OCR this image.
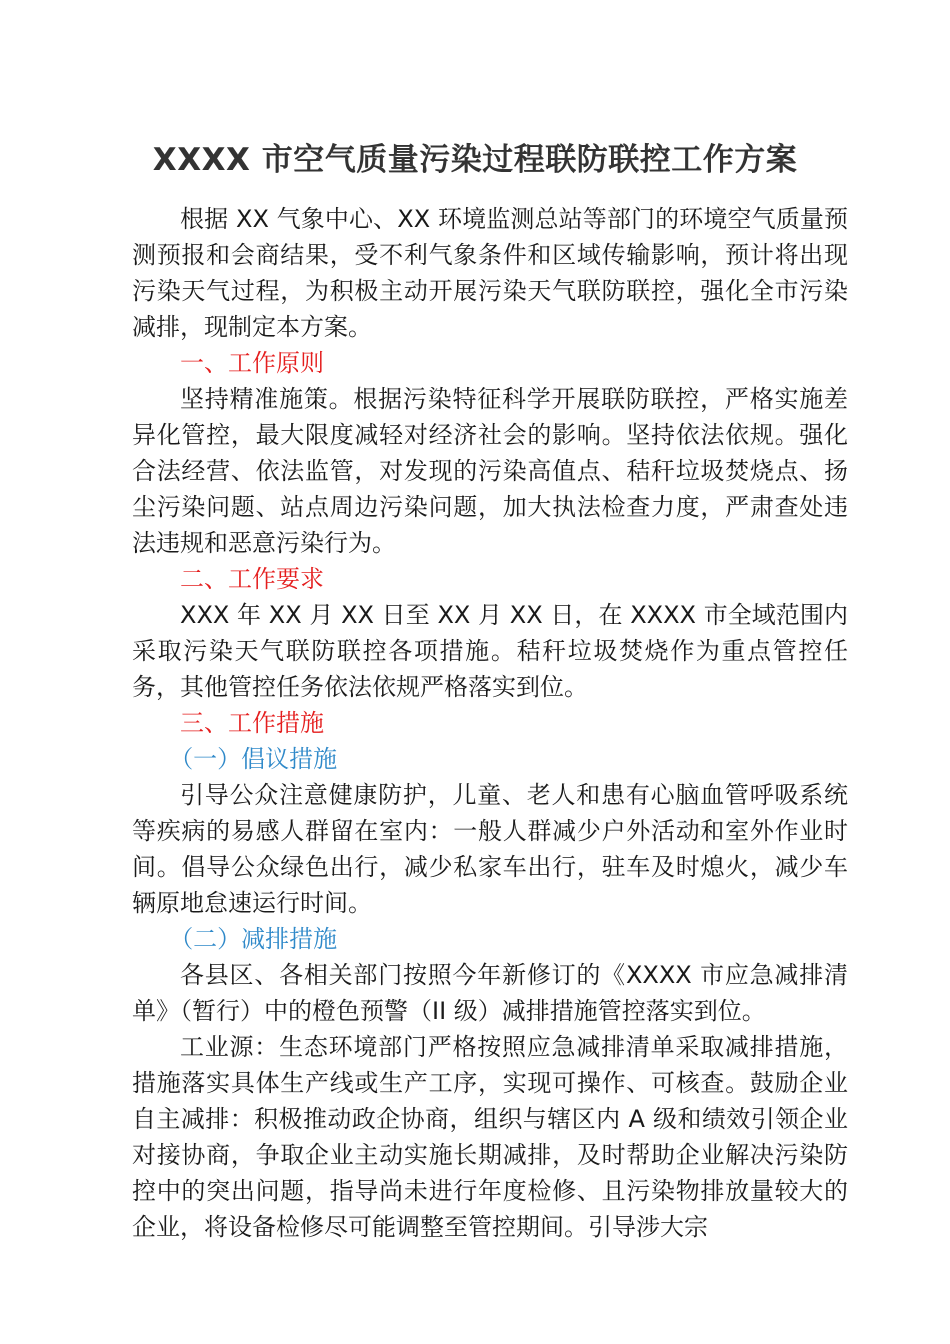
XXXX 市空气质量污染过程联防联控工作方案

根据 XX 气象中心、XX 环境监测总站等部门的环境空气质量预测预报和会商结果，受不利气象条件和区域传输影响，预计将出现污染天气过程，为积极主动开展污染天气联防联控，强化全市污染减排，现制定本方案。

一、工作原则

坚持精准施策。根据污染特征科学开展联防联控，严格实施差异化管控，最大限度减轻对经济社会的影响。坚持依法依规。强化合法经营、依法监管，对发现的污染高值点、秸秆垃圾焚烧点、扬尘污染问题、站点周边污染问题，加大执法检查力度，严肃查处违法违规和恶意污染行为。

二、工作要求

XXX 年 XX 月 XX 日至 XX 月 XX 日，在 XXXX 市全域范围内采取污染天气联防联控各项措施。秸秆垃圾焚烧作为重点管控任务，其他管控任务依法依规严格落实到位。

三、工作措施
（一）倡议措施

引导公众注意健康防护，儿童、老人和患有心脑血管呼吸系统等疾病的易感人群留在室内：一般人群减少户外活动和室外作业时间。倡导公众绿色出行，减少私家车出行，驻车及时熄火，减少车辆原地怠速运行时间。

（二）减排措施

各县区、各相关部门按照今年新修订的《XXXX 市应急减排清单》（暂行）中的橙色预警（II 级）减排措施管控落实到位。

工业源：生态环境部门严格按照应急减排清单采取减排措施，措施落实具体生产线或生产工序，实现可操作、可核查。鼓励企业自主减排：积极推动政企协商，组织与辖区内 A 级和绩效引领企业对接协商，争取企业主动实施长期减排，及时帮助企业解决污染防控中的突出问题，指导尚未进行年度检修、且污染物排放量较大的企业，将设备检修尽可能调整至管控期间。引导涉大宗
